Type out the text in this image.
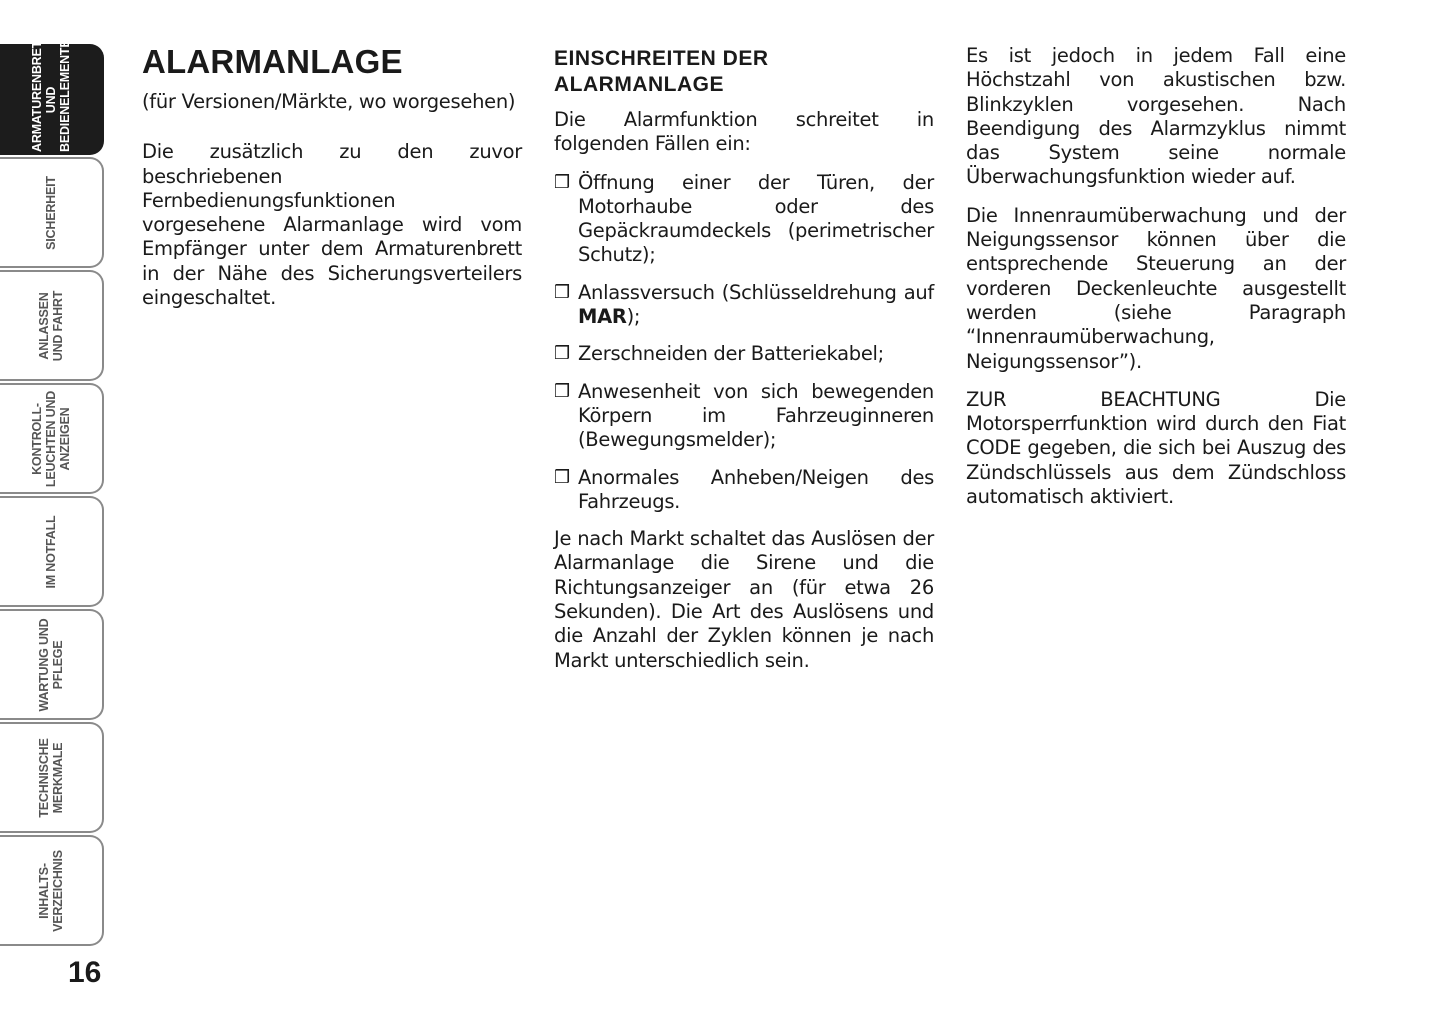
ARMATURENBRETT
UND
BEDIENELEMENTE
SICHERHEIT
ANLASSEN
UND FAHRT
KONTROLL-
LEUCHTEN UND
ANZEIGEN
IM NOTFALL
WARTUNG UND
PFLEGE
TECHNISCHE
MERKMALE
INHALTS-
VERZEICHNIS
16
ALARMANLAGE
(für Versionen/Märkte, wo worgesehen)

Die zusätzlich zu den zuvor beschriebenen Fernbedienungsfunktionen vorgesehene Alarmanlage wird vom Empfänger unter dem Armaturenbrett in der Nähe des Sicherungsverteilers eingeschaltet.

EINSCHREITEN DER ALARMANLAGE

Die Alarmfunktion schreitet in folgenden Fällen ein:

❒ Öffnung einer der Türen, der Motorhaube oder des Gepäckraumdeckels (perimetrischer Schutz);
❒ Anlassversuch (Schlüsseldrehung auf MAR);
❒ Zerschneiden der Batteriekabel;
❒ Anwesenheit von sich bewegenden Körpern im Fahrzeuginneren (Bewegungsmelder);
❒ Anormales Anheben/Neigen des Fahrzeugs.

Je nach Markt schaltet das Auslösen der Alarmanlage die Sirene und die Richtungsanzeiger an (für etwa 26 Sekunden). Die Art des Auslösens und die Anzahl der Zyklen können je nach Markt unterschiedlich sein.

Es ist jedoch in jedem Fall eine Höchstzahl von akustischen bzw. Blinkzyklen vorgesehen. Nach Beendigung des Alarmzyklus nimmt das System seine normale Überwachungsfunktion wieder auf.

Die Innenraumüberwachung und der Neigungssensor können über die entsprechende Steuerung an der vorderen Deckenleuchte ausgestellt werden (siehe Paragraph “Innenraumüberwachung, Neigungssensor”).

ZUR BEACHTUNG Die Motorsperrfunktion wird durch den Fiat CODE gegeben, die sich bei Auszug des Zündschlüssels aus dem Zündschloss automatisch aktiviert.
